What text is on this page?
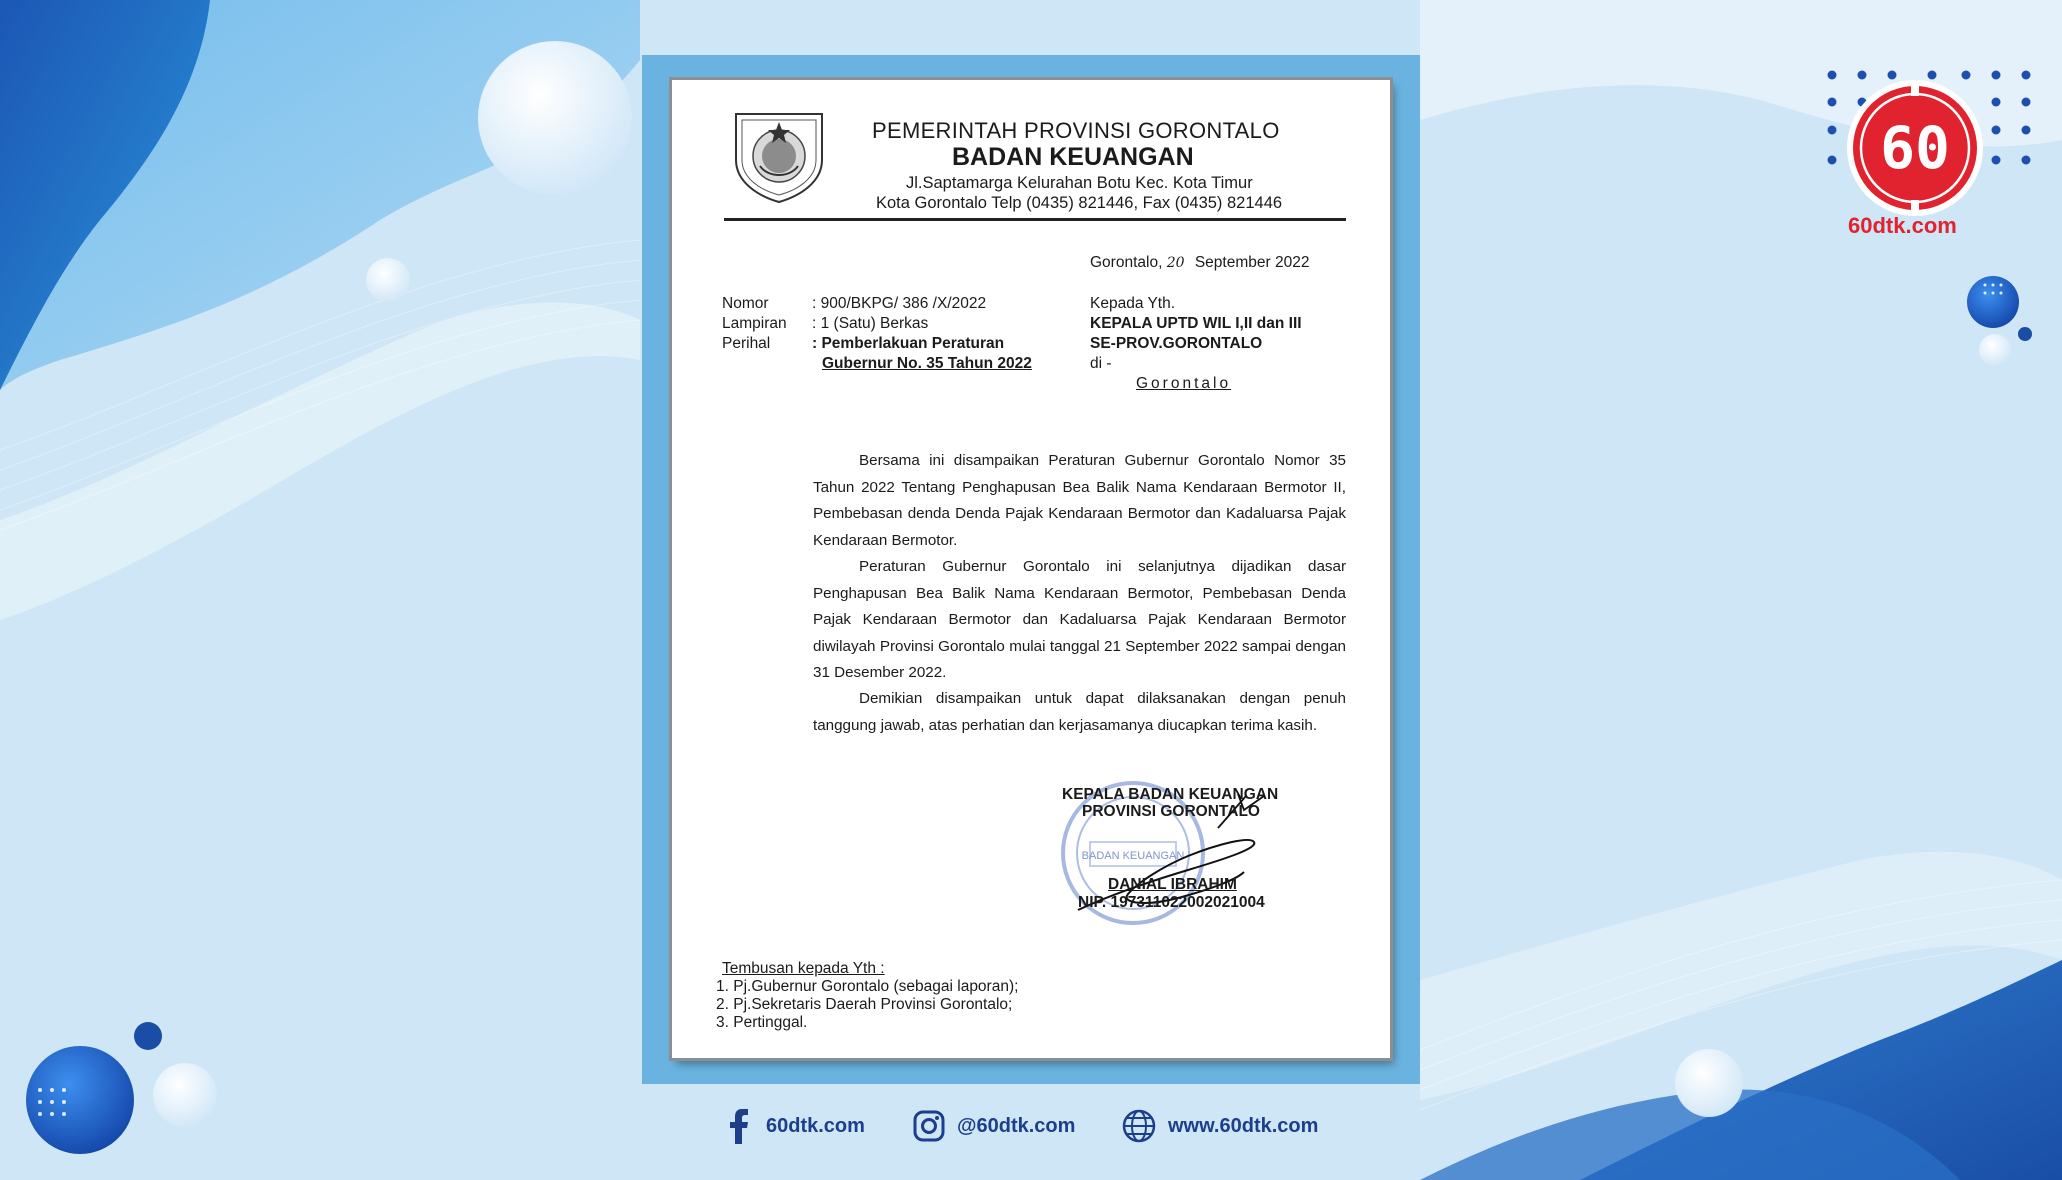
60
60dtk.com
PEMERINTAH PROVINSI GORONTALO
BADAN KEUANGAN
Jl.Saptamarga Kelurahan Botu Kec. Kota Timur
Kota Gorontalo Telp (0435) 821446, Fax (0435) 821446
Gorontalo, 20 September 2022
Nomor	: 900/BKPG/ 386 /X/2022
Lampiran : 1 (Satu) Berkas
Perihal	: Pemberlakuan Peraturan
Gubernur No. 35 Tahun 2022
Kepada Yth.
KEPALA UPTD WIL I,II dan III
SE-PROV.GORONTALO
di -
Gorontalo
Bersama ini disampaikan Peraturan Gubernur Gorontalo Nomor 35 Tahun 2022 Tentang Penghapusan Bea Balik Nama Kendaraan Bermotor II, Pembebasan denda Denda Pajak Kendaraan Bermotor dan Kadaluarsa Pajak Kendaraan Bermotor.
Peraturan Gubernur Gorontalo ini selanjutnya dijadikan dasar Penghapusan Bea Balik Nama Kendaraan Bermotor, Pembebasan Denda Pajak Kendaraan Bermotor dan Kadaluarsa Pajak Kendaraan Bermotor diwilayah Provinsi Gorontalo mulai tanggal 21 September 2022 sampai dengan 31 Desember 2022.
Demikian disampaikan untuk dapat dilaksanakan dengan penuh tanggung jawab, atas perhatian dan kerjasamanya diucapkan terima kasih.
BADAN KEUANGAN
KEPALA BADAN KEUANGAN
PROVINSI GORONTALO
DANIAL IBRAHIM
NIP. 197311022002021004
Tembusan kepada Yth :
1. Pj.Gubernur Gorontalo (sebagai laporan);
2. Pj.Sekretaris Daerah Provinsi Gorontalo;
3. Pertinggal.
60dtk.com	@60dtk.com	www.60dtk.com
